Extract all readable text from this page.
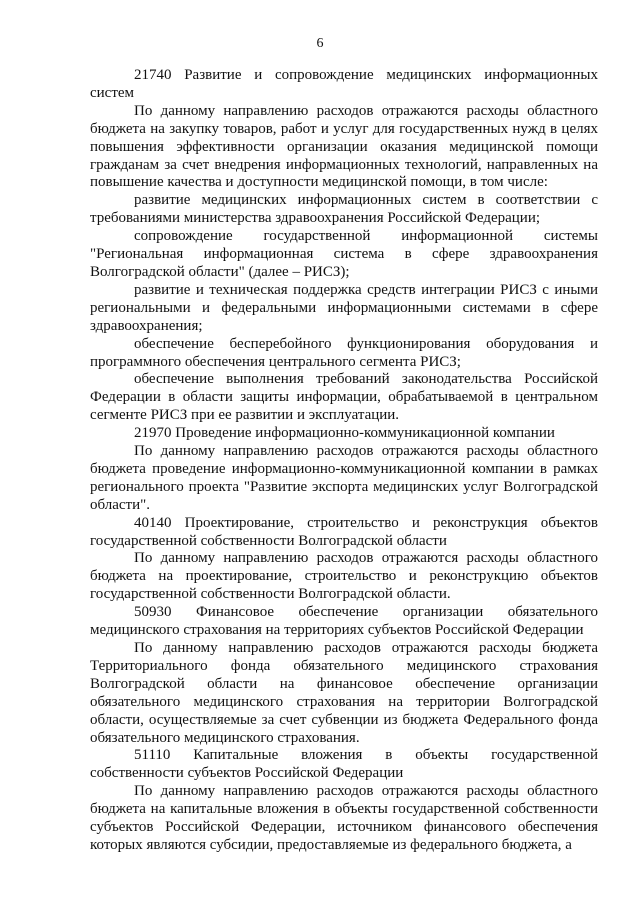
6

21740 Развитие и сопровождение медицинских информационных систем

По данному направлению расходов отражаются расходы областного бюджета на закупку товаров, работ и услуг для государственных нужд в целях повышения эффективности организации оказания медицинской помощи гражданам за счет внедрения информационных технологий, направленных на повышение качества и доступности медицинской помощи, в том числе:

развитие медицинских информационных систем в соответствии с требованиями министерства здравоохранения Российской Федерации;

сопровождение государственной информационной системы "Региональная информационная система в сфере здравоохранения Волгоградской области" (далее – РИСЗ);

развитие и техническая поддержка средств интеграции РИСЗ с иными региональными и федеральными информационными системами в сфере здравоохранения;

обеспечение бесперебойного функционирования оборудования и программного обеспечения центрального сегмента РИСЗ;

обеспечение выполнения требований законодательства Российской Федерации в области защиты информации, обрабатываемой в центральном сегменте РИСЗ при ее развитии и эксплуатации.

21970 Проведение информационно-коммуникационной компании

По данному направлению расходов отражаются расходы областного бюджета проведение информационно-коммуникационной компании в рамках регионального проекта "Развитие экспорта медицинских услуг Волгоградской области".

40140 Проектирование, строительство и реконструкция объектов государственной собственности Волгоградской области

По данному направлению расходов отражаются расходы областного бюджета на проектирование, строительство и реконструкцию объектов государственной собственности Волгоградской области.

50930 Финансовое обеспечение организации обязательного медицинского страхования на территориях субъектов Российской Федерации

По данному направлению расходов отражаются расходы бюджета Территориального фонда обязательного медицинского страхования Волгоградской области на финансовое обеспечение организации обязательного медицинского страхования на территории Волгоградской области, осуществляемые за счет субвенции из бюджета Федерального фонда обязательного медицинского страхования.

51110 Капитальные вложения в объекты государственной собственности субъектов Российской Федерации

По данному направлению расходов отражаются расходы областного бюджета на капитальные вложения в объекты государственной собственности субъектов Российской Федерации, источником финансового обеспечения которых являются субсидии, предоставляемые из федерального бюджета, а
